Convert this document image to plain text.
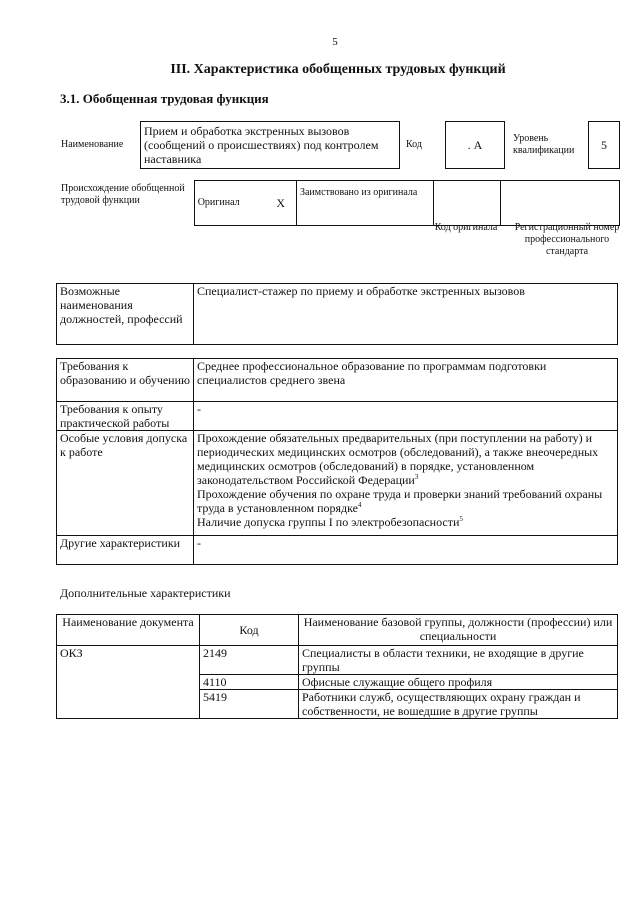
5
III. Характеристика обобщенных трудовых функций
3.1. Обобщенная трудовая функция
Наименование	Прием и обработка экстренных вызовов (сообщений о происшествиях) под контролем наставника	Код	. А	Уровень квалификации	5
Происхождение обобщенной трудовой функции	Оригинал	X	Заимствовано из оригинала		
Код оригинала	Регистрационный номер профессионального стандарта
Возможные наименования должностей, профессий	Специалист-стажер по приему и обработке экстренных вызовов
Требования к образованию и обучению	Среднее профессиональное образование по программам подготовки специалистов среднего звена
Требования к опыту практической работы	-
Особые условия допуска к работе	Прохождение обязательных предварительных (при поступлении на работу) и периодических медицинских осмотров (обследований), а также внеочередных медицинских осмотров (обследований) в порядке, установленном законодательством Российской Федерации$^3$
Прохождение обучения по охране труда и проверки знаний требований охраны труда в установленном порядке$^4$
Наличие допуска группы I по электробезопасности$^5$

Другие характеристики	-
Дополнительные характеристики
Наименование документа	Код	Наименование базовой группы, должности (профессии) или специальности
ОКЗ	2149	Специалисты в области техники, не входящие в другие группы
	4110	Офисные служащие общего профиля
	5419	Работники служб, осуществляющих охрану граждан и собственности, не вошедшие в другие группы
